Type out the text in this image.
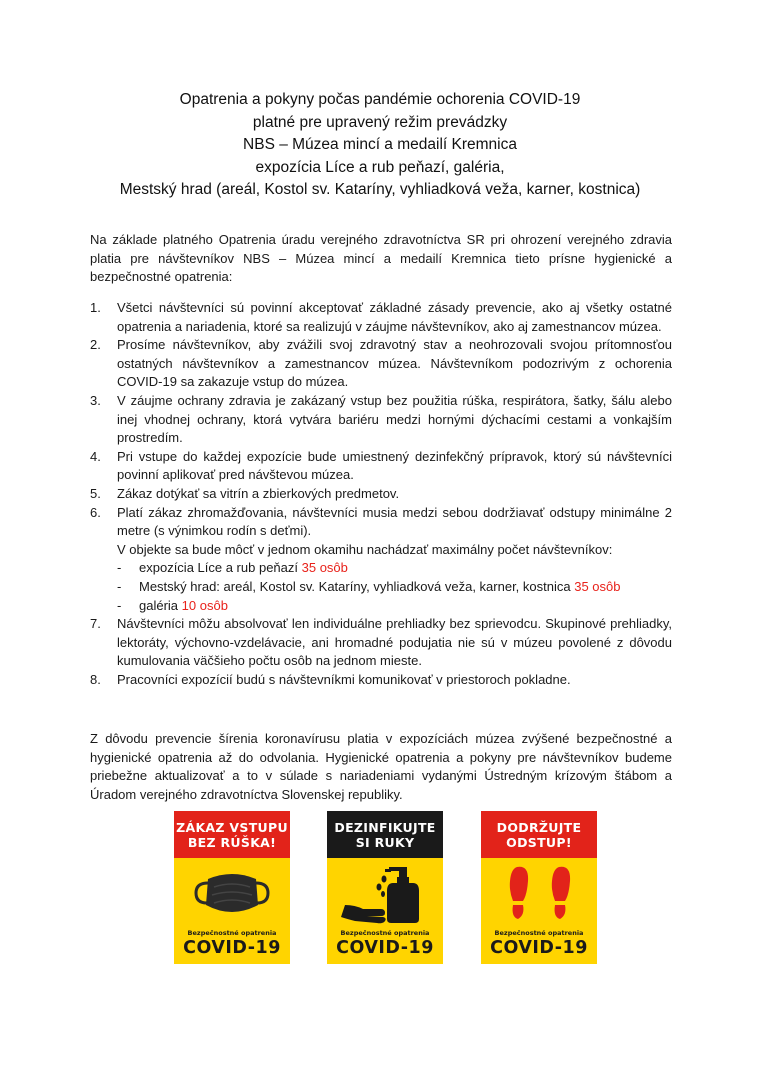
Opatrenia a pokyny počas pandémie ochorenia COVID-19
platné pre upravený režim prevádzky
NBS – Múzea mincí a medailí Kremnica
expozícia Líce a rub peňazí, galéria,
Mestský hrad (areál, Kostol sv. Kataríny, vyhliadková veža, karner, kostnica)
Na základe platného Opatrenia úradu verejného zdravotníctva SR pri ohrození verejného zdravia platia pre návštevníkov NBS – Múzea mincí a medailí Kremnica tieto prísne hygienické a bezpečnostné opatrenia:
1.	Všetci návštevníci sú povinní akceptovať základné zásady prevencie, ako aj všetky ostatné opatrenia a nariadenia, ktoré sa realizujú v záujme návštevníkov, ako aj zamestnancov múzea.
2.	Prosíme návštevníkov, aby zvážili svoj zdravotný stav a neohrozovali svojou prítomnosťou ostatných návštevníkov a zamestnancov múzea. Návštevníkom podozrivým z ochorenia COVID-19 sa zakazuje vstup do múzea.
3.	V záujme ochrany zdravia je zakázaný vstup bez použitia rúška, respirátora, šatky, šálu alebo inej vhodnej ochrany, ktorá vytvára bariéru medzi hornými dýchacími cestami a vonkajším prostredím.
4.	Pri vstupe do každej expozície bude umiestnený dezinfekčný prípravok, ktorý sú návštevníci povinní aplikovať pred návštevou múzea.
5.	Zákaz dotýkať sa vitrín a zbierkových predmetov.
6.	Platí zákaz zhromažďovania, návštevníci musia medzi sebou dodržiavať odstupy minimálne 2 metre (s výnimkou rodín s deťmi).
V objekte sa bude môcť v jednom okamihu nachádzať maximálny počet návštevníkov:
-	expozícia Líce a rub peňazí 35 osôb
-	Mestský hrad: areál, Kostol sv. Kataríny, vyhliadková veža, karner, kostnica 35 osôb
-	galéria 10 osôb
7.	Návštevníci môžu absolvovať len individuálne prehliadky bez sprievodcu. Skupinové prehliadky, lektoráty, výchovno-vzdelávacie, ani hromadné podujatia nie sú v múzeu povolené z dôvodu kumulovania väčšieho počtu osôb na jednom mieste.
8.	Pracovníci expozícií budú s návštevníkmi komunikovať v priestoroch pokladne.
Z dôvodu prevencie šírenia koronavírusu platia v expozíciách múzea zvýšené bezpečnostné a hygienické opatrenia až do odvolania. Hygienické opatrenia a pokyny pre návštevníkov budeme priebežne aktualizovať a to v súlade s nariadeniami vydanými Ústredným krízovým štábom a Úradom verejného zdravotníctva Slovenskej republiky.
ZÁKAZ VSTUPU
BEZ RÚŠKA!
Bezpečnostné opatrenia
COVID-19
DEZINFIKUJTE
SI RUKY
Bezpečnostné opatrenia
COVID-19
DODRŽUJTE
ODSTUP!
Bezpečnostné opatrenia
COVID-19
